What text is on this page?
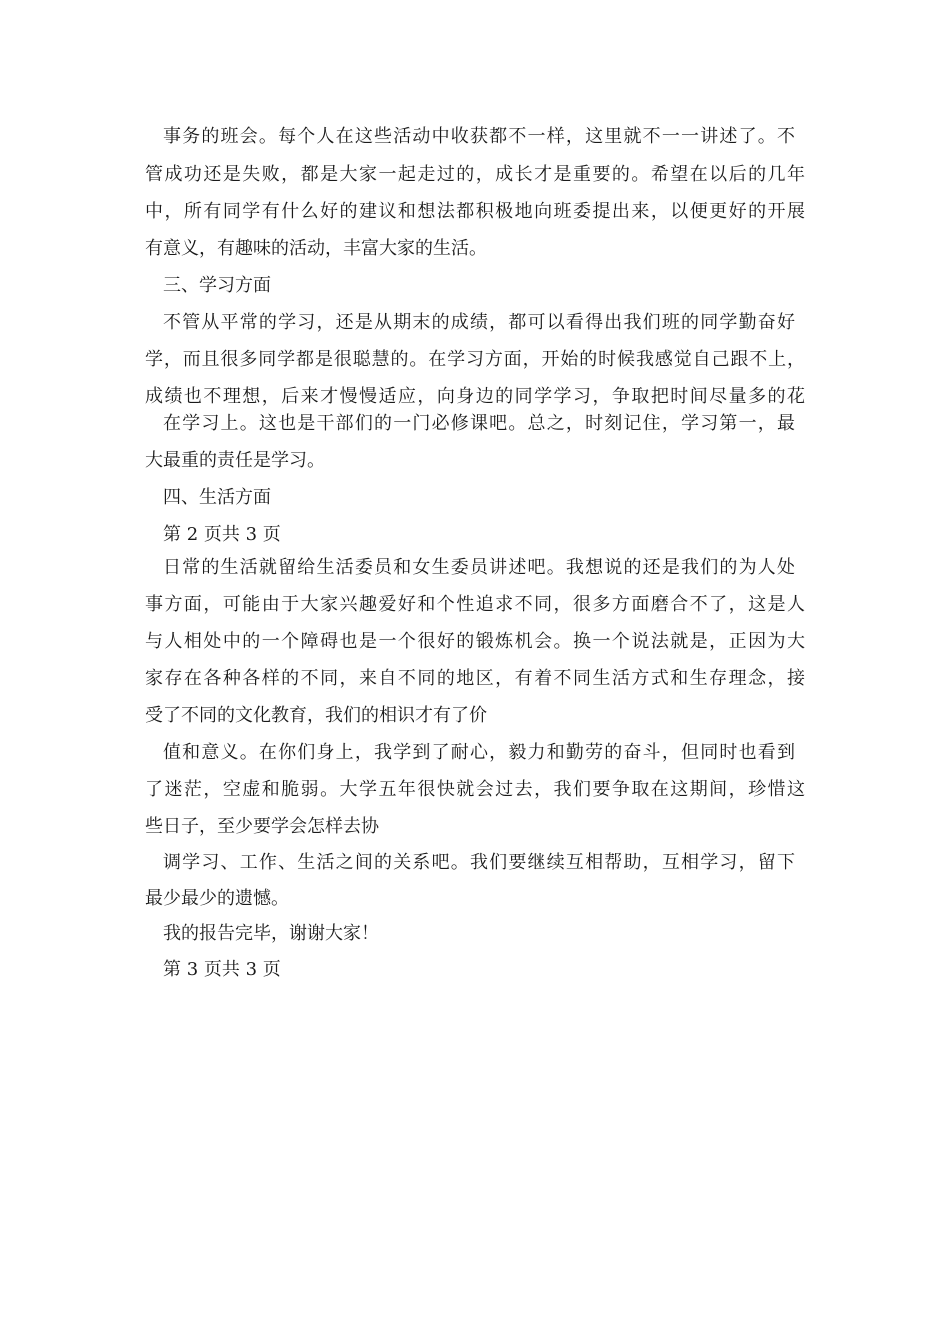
事务的班会。每个人在这些活动中收获都不一样，这里就不一一讲述了。不

管成功还是失败，都是大家一起走过的，成长才是重要的。希望在以后的几年

中，所有同学有什么好的建议和想法都积极地向班委提出来，以便更好的开展

有意义，有趣味的活动，丰富大家的生活。

三、学习方面

不管从平常的学习，还是从期末的成绩，都可以看得出我们班的同学勤奋好

学，而且很多同学都是很聪慧的。在学习方面，开始的时候我感觉自己跟不上，

成绩也不理想，后来才慢慢适应，向身边的同学学习，争取把时间尽量多的花

在学习上。这也是干部们的一门必修课吧。总之，时刻记住，学习第一，最

大最重的责任是学习。

四、生活方面

第 2 页共 3 页

日常的生活就留给生活委员和女生委员讲述吧。我想说的还是我们的为人处

事方面，可能由于大家兴趣爱好和个性追求不同，很多方面磨合不了，这是人

与人相处中的一个障碍也是一个很好的锻炼机会。换一个说法就是，正因为大

家存在各种各样的不同，来自不同的地区，有着不同生活方式和生存理念，接

受了不同的文化教育，我们的相识才有了价

值和意义。在你们身上，我学到了耐心，毅力和勤劳的奋斗，但同时也看到

了迷茫，空虚和脆弱。大学五年很快就会过去，我们要争取在这期间，珍惜这

些日子，至少要学会怎样去协

调学习、工作、生活之间的关系吧。我们要继续互相帮助，互相学习，留下

最少最少的遗憾。

我的报告完毕，谢谢大家！

第 3 页共 3 页
